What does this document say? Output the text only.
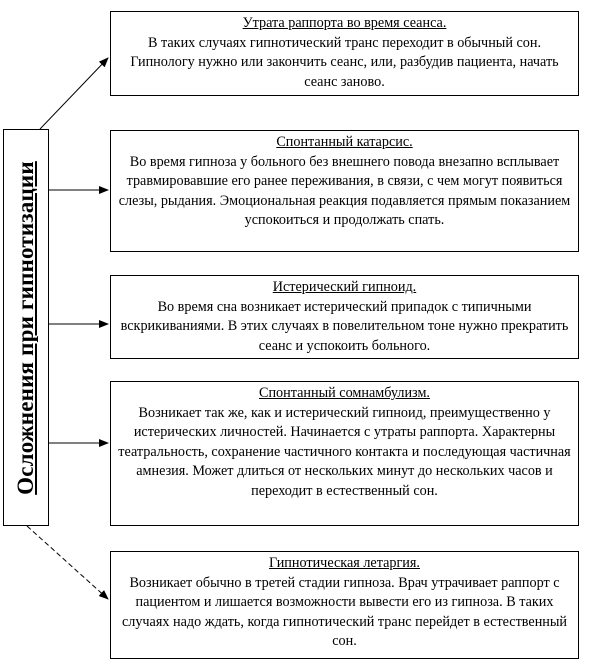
Осложнения при гипнотизации
Утрата раппорта во время сеанса.
В таких случаях гипнотический транс переходит в обычный сон. Гипнологу нужно или закончить сеанс, или, разбудив пациента, начать сеанс заново.
Спонтанный катарсис.
Во время гипноза у больного без внешнего повода внезапно всплывает травмировавшие его ранее переживания, в связи, с чем могут появиться слезы, рыдания. Эмоциональная реакция подавляется прямым показанием успокоиться и продолжать спать.
Истерический гипноид.
Во время сна возникает истерический припадок с типичными вскрикиваниями. В этих случаях в повелительном тоне нужно прекратить сеанс и успокоить больного.
Спонтанный сомнамбулизм.
Возникает так же, как и истерический гипноид, преимущественно у истерических личностей. Начинается с утраты раппорта. Характерны театральность, сохранение частичного контакта и последующая частичная амнезия. Может длиться от нескольких минут до нескольких часов и переходит в естественный сон.
Гипнотическая летаргия.
Возникает обычно в третей стадии гипноза. Врач утрачивает раппорт с пациентом и лишается возможности вывести его из гипноза. В таких случаях надо ждать, когда гипнотический транс перейдет в естественный сон.
